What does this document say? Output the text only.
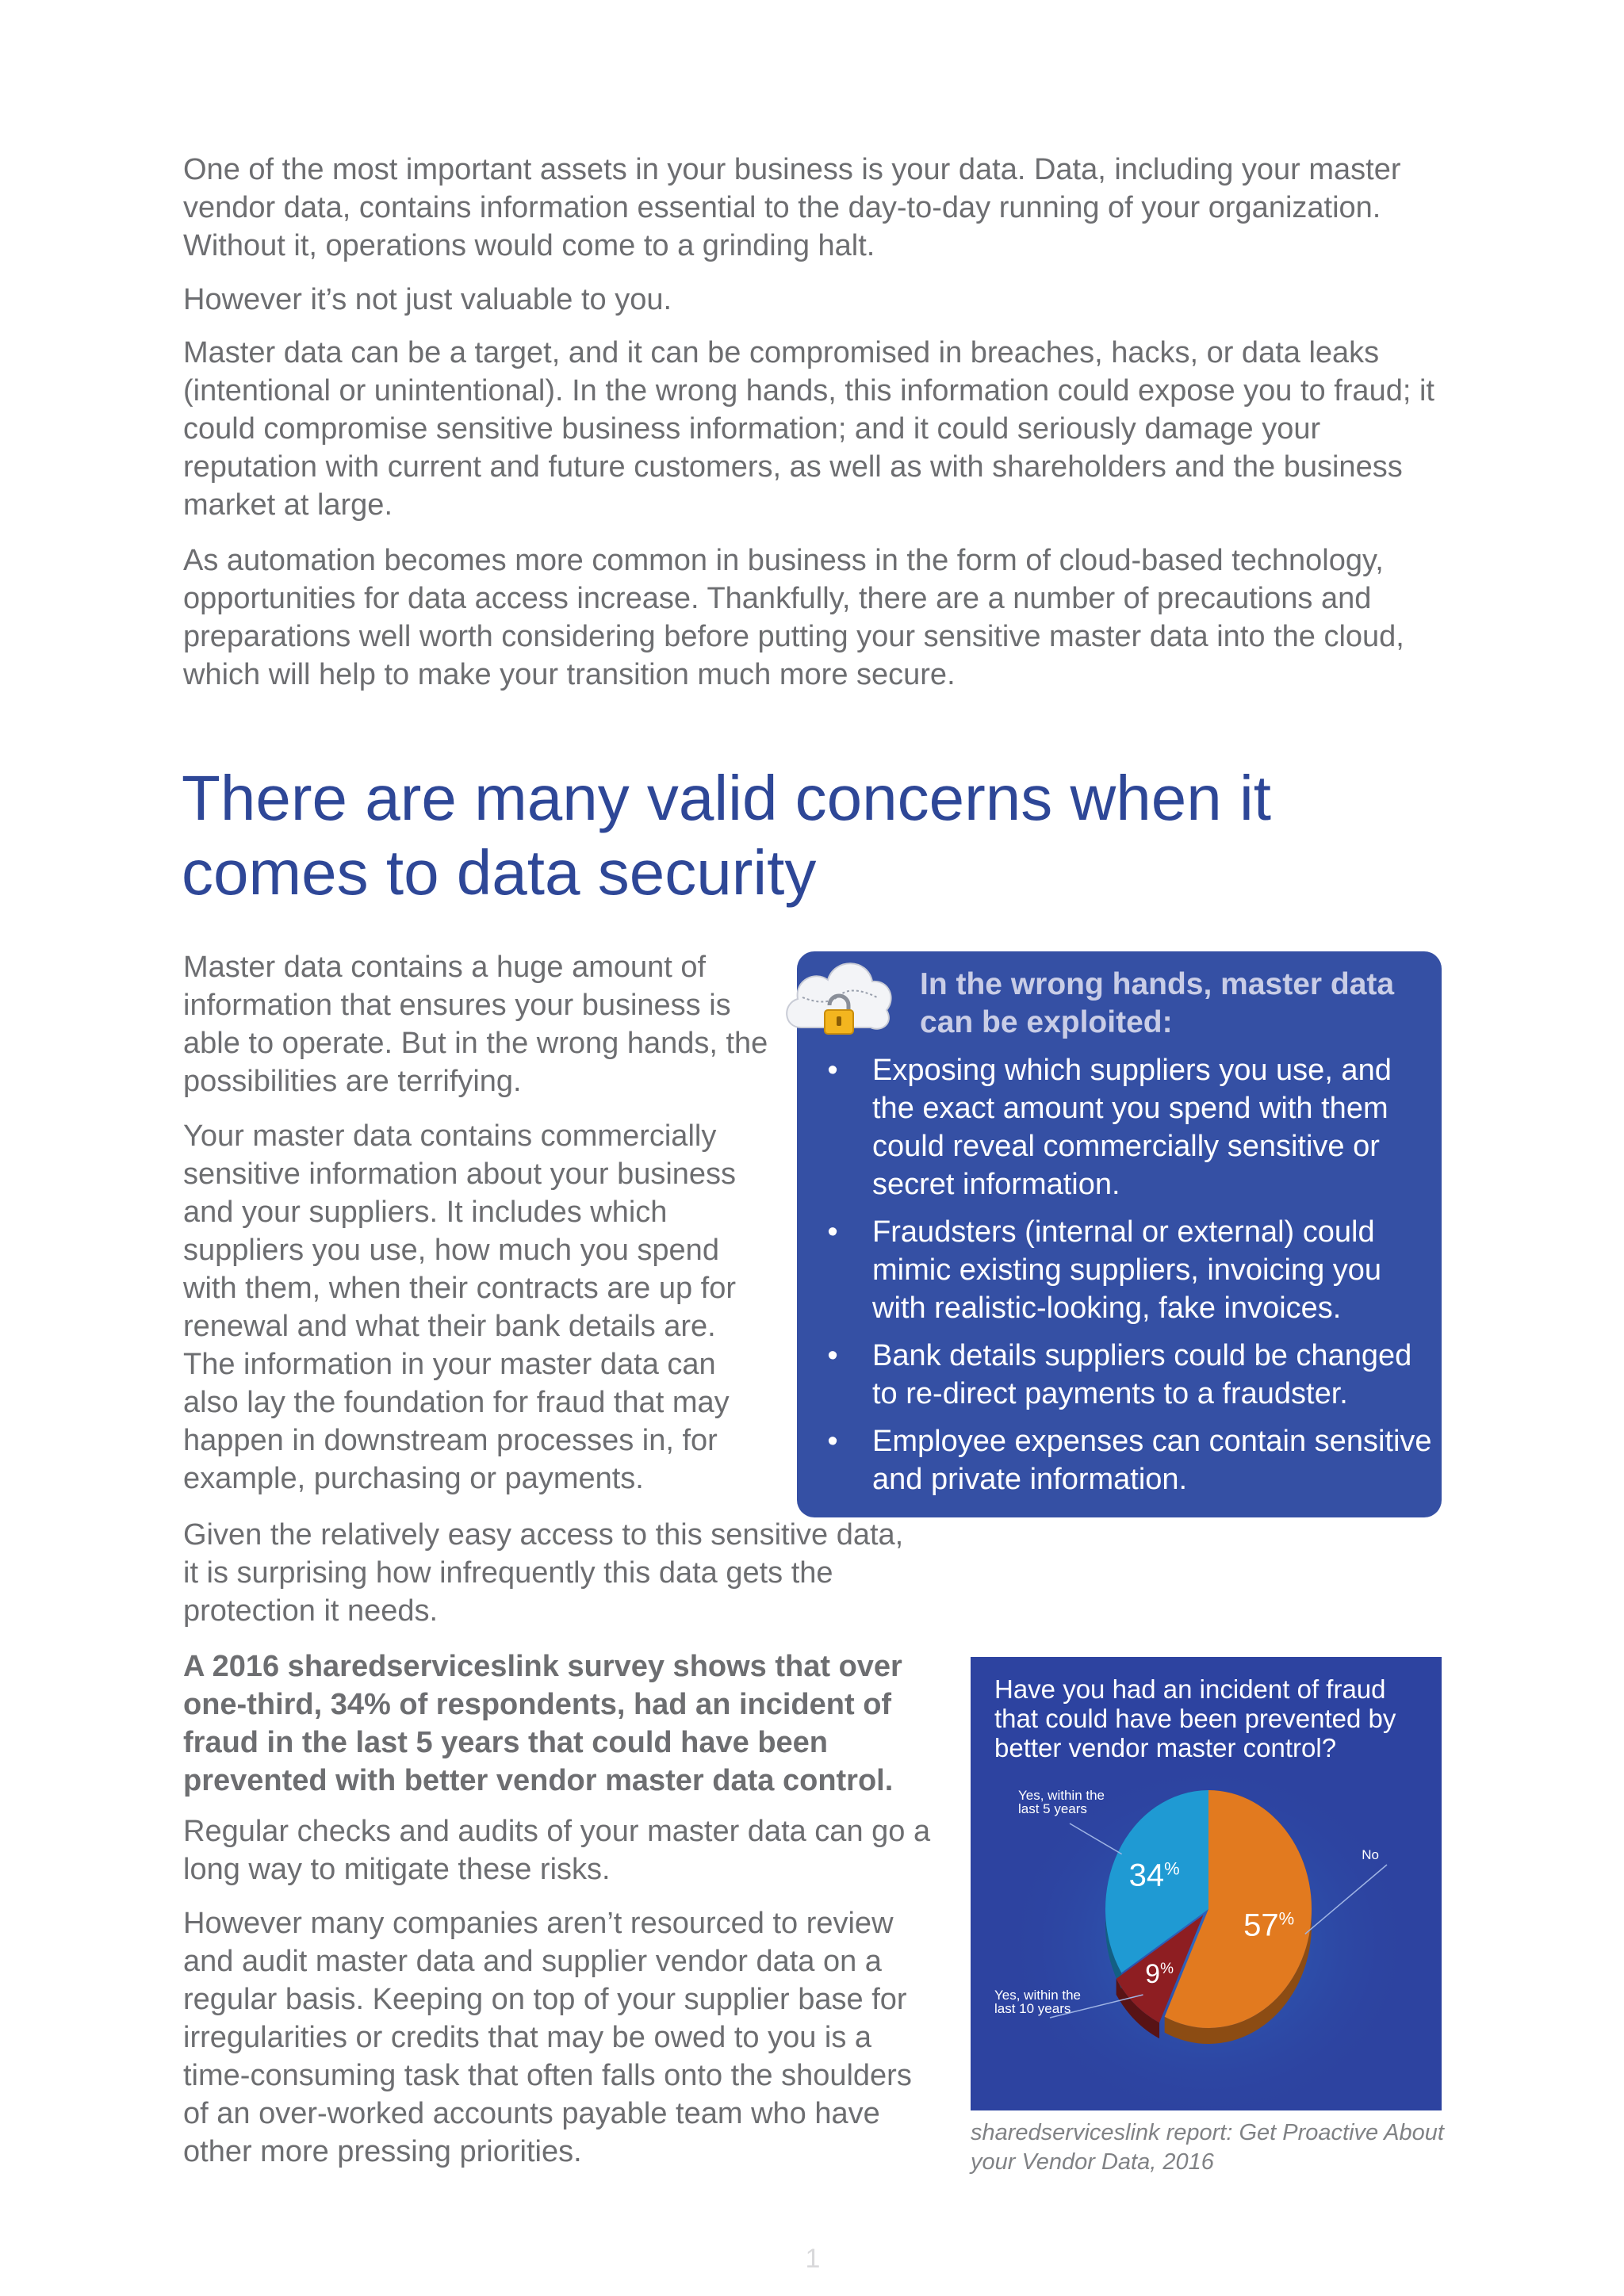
One of the most important assets in your business is your data. Data, including your master vendor data, contains information essential to the day-to-day running of your organization. Without it, operations would come to a grinding halt.

However it’s not just valuable to you.

Master data can be a target, and it can be compromised in breaches, hacks, or data leaks (intentional or unintentional). In the wrong hands, this information could expose you to fraud; it could compromise sensitive business information; and it could seriously damage your reputation with current and future customers, as well as with shareholders and the business market at large.

As automation becomes more common in business in the form of cloud-based technology, opportunities for data access increase. Thankfully, there are a number of precautions and preparations well worth considering before putting your sensitive master data into the cloud, which will help to make your transition much more secure.

There are many valid concerns when it comes to data security

Master data contains a huge amount of information that ensures your business is able to operate. But in the wrong hands, the possibilities are terrifying.

Your master data contains commercially sensitive information about your business and your suppliers. It includes which suppliers you use, how much you spend with them, when their contracts are up for renewal and what their bank details are. The information in your master data can also lay the foundation for fraud that may happen in downstream processes in, for example, purchasing or payments.

Given the relatively easy access to this sensitive data, it is surprising how infrequently this data gets the protection it needs.

A 2016 sharedserviceslink survey shows that over one-third, 34% of respondents, had an incident of fraud in the last 5 years that could have been prevented with better vendor master data control.

Regular checks and audits of your master data can go a long way to mitigate these risks.

However many companies aren’t resourced to review and audit master data and supplier vendor data on a regular basis. Keeping on top of your supplier base for irregularities or credits that may be owed to you is a time-consuming task that often falls onto the shoulders of an over-worked accounts payable team who have other more pressing priorities.

In the wrong hands, master data can be exploited:

• Exposing which suppliers you use, and the exact amount you spend with them could reveal commercially sensitive or secret information.
• Fraudsters (internal or external) could mimic existing suppliers, invoicing you with realistic-looking, fake invoices.
• Bank details suppliers could be changed to re-direct payments to a fraudster.
• Employee expenses can contain sensitive and private information.
57%
No
9%
Yes, within the last 10 years
34%
Yes, within the last 5 years

Have you had an incident of fraud that could have been prevented by better vendor master control?

sharedserviceslink report: Get Proactive About your Vendor Data, 2016

1
